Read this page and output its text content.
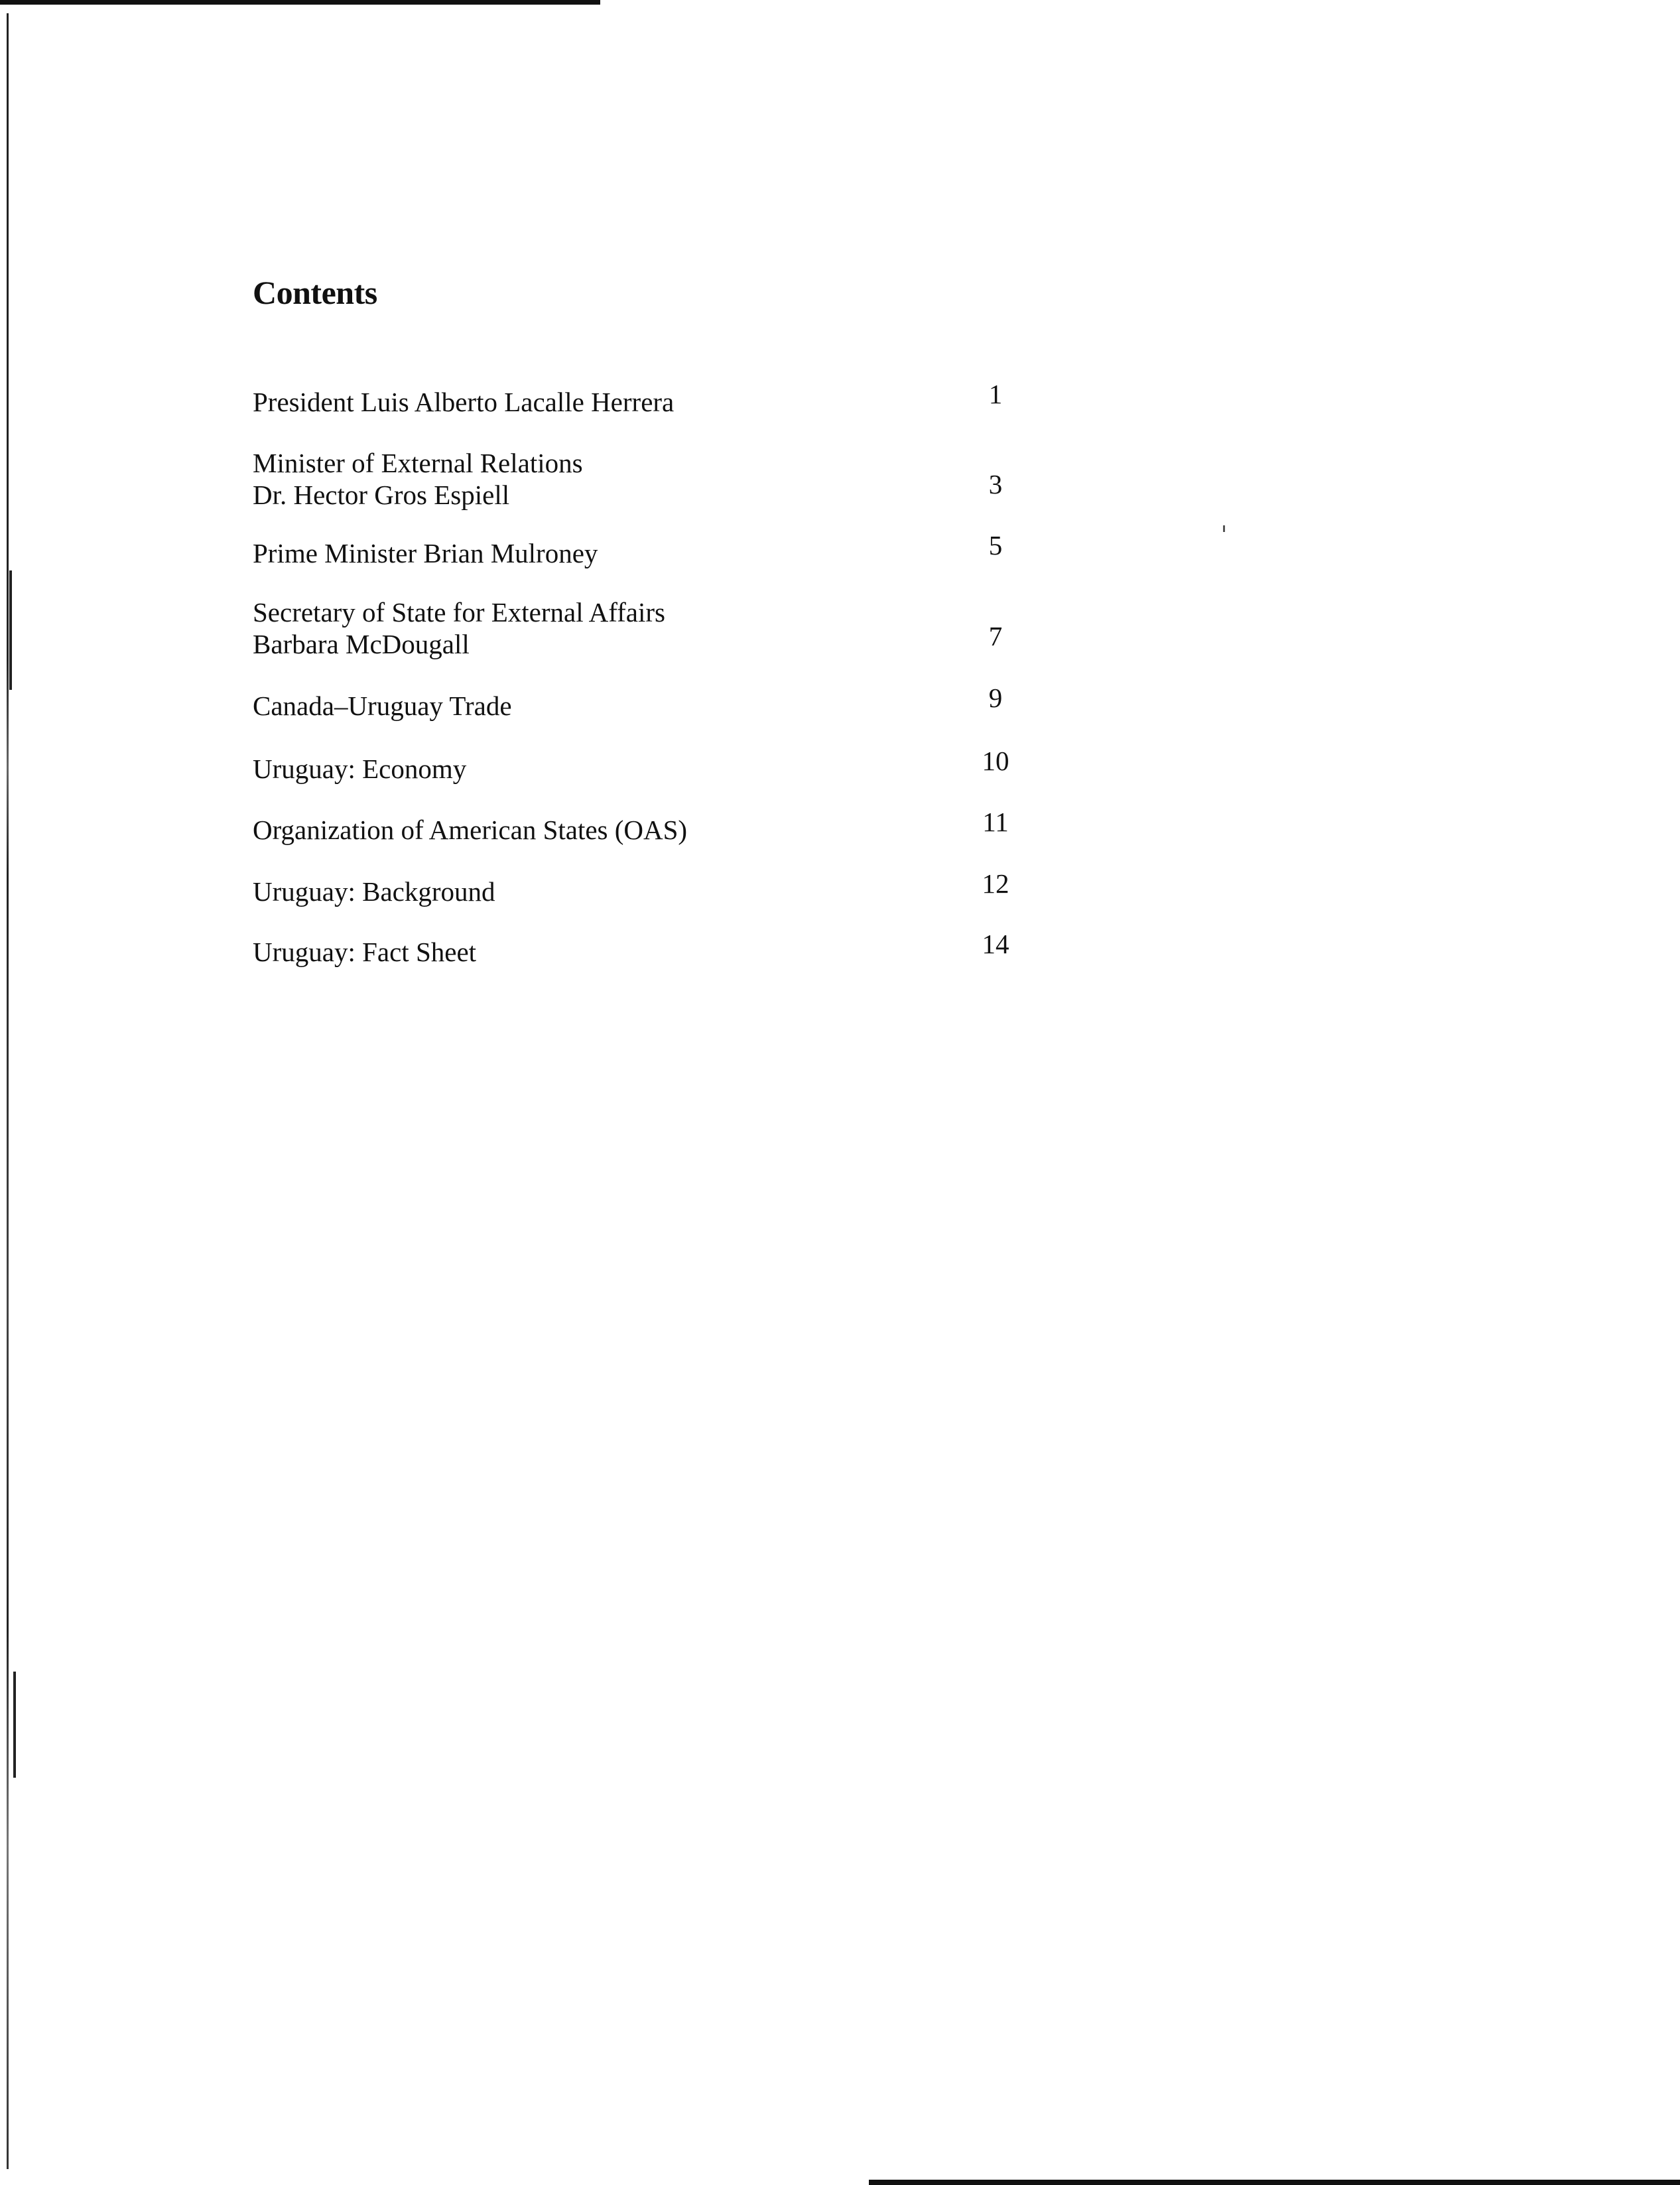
Contents
President Luis Alberto Lacalle Herrera	1
Minister of External Relations
Dr. Hector Gros Espiell	3
Prime Minister Brian Mulroney	5
Secretary of State for External Affairs
Barbara McDougall	7
Canada–Uruguay Trade	9
Uruguay: Economy	10
Organization of American States (OAS)	11
Uruguay: Background	12
Uruguay: Fact Sheet	14
